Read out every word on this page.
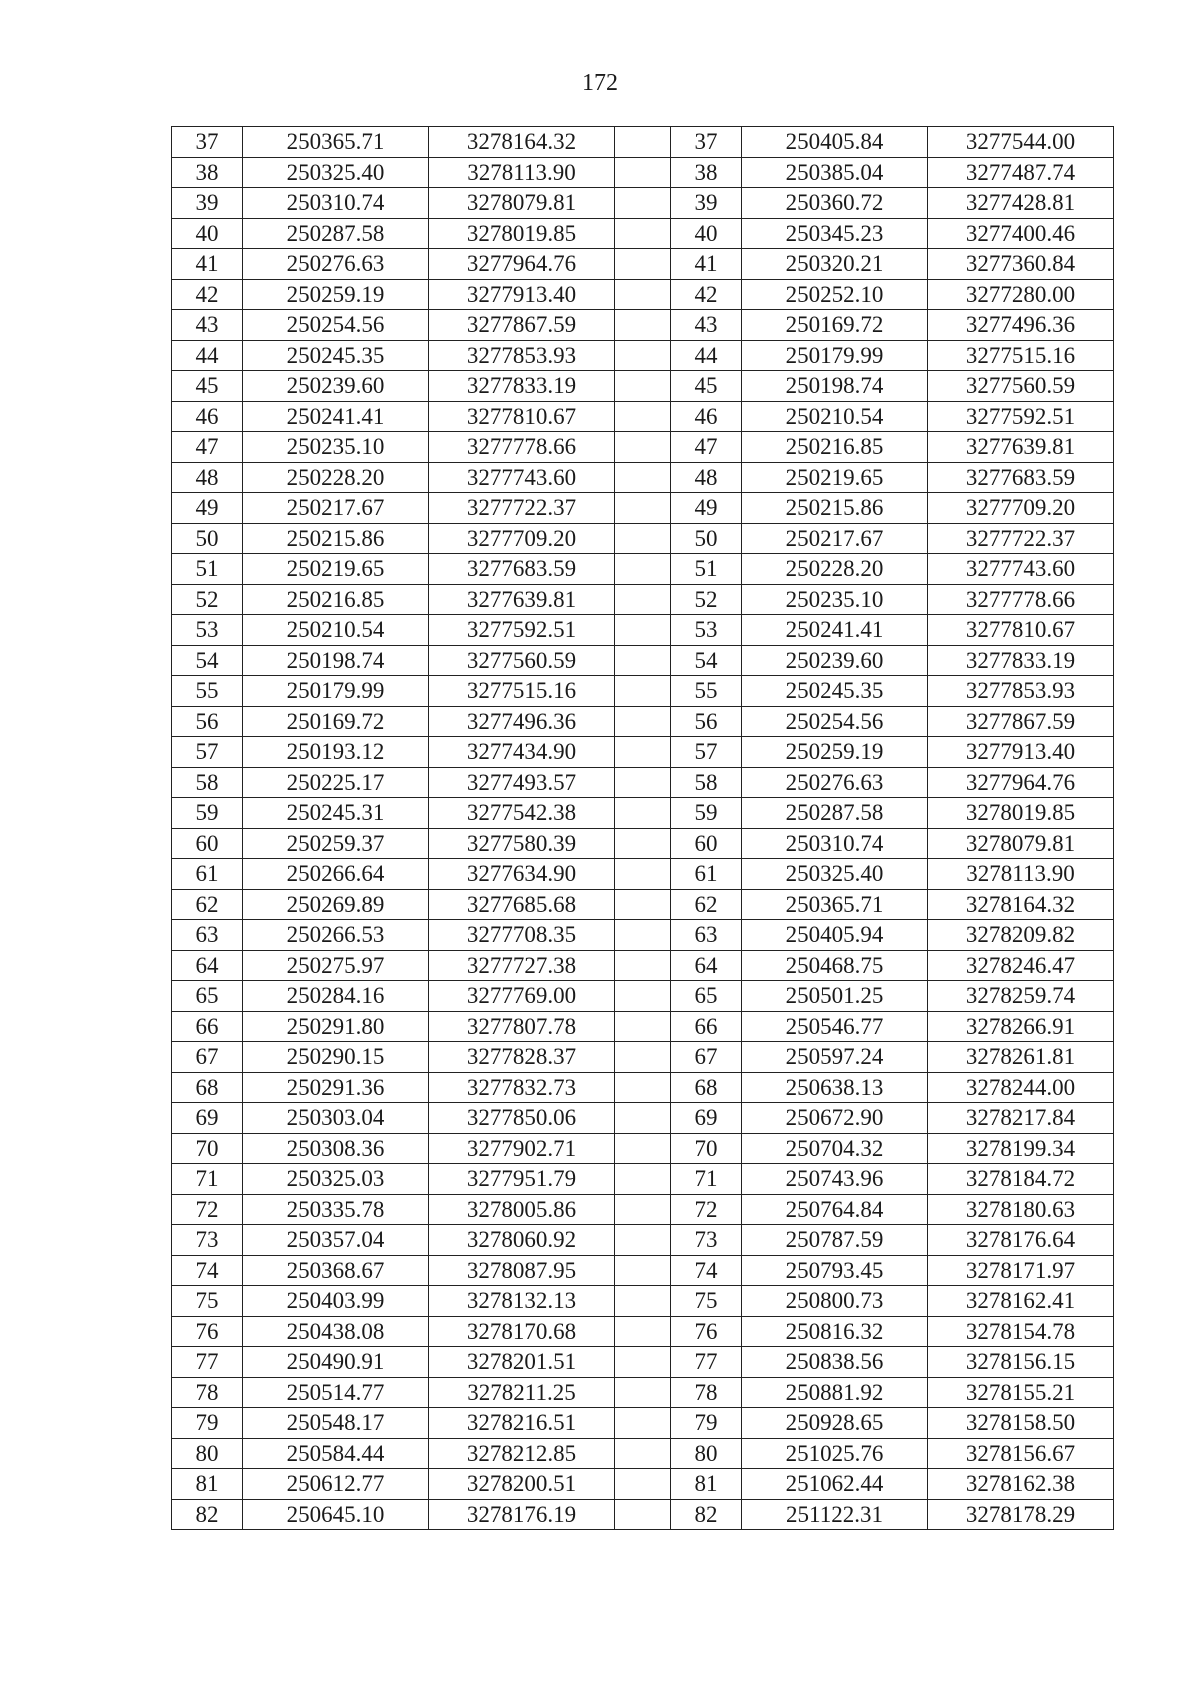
172
37	250365.71	3278164.32		37	250405.84	3277544.00
38	250325.40	3278113.90		38	250385.04	3277487.74
39	250310.74	3278079.81		39	250360.72	3277428.81
40	250287.58	3278019.85		40	250345.23	3277400.46
41	250276.63	3277964.76		41	250320.21	3277360.84
42	250259.19	3277913.40		42	250252.10	3277280.00
43	250254.56	3277867.59		43	250169.72	3277496.36
44	250245.35	3277853.93		44	250179.99	3277515.16
45	250239.60	3277833.19		45	250198.74	3277560.59
46	250241.41	3277810.67		46	250210.54	3277592.51
47	250235.10	3277778.66		47	250216.85	3277639.81
48	250228.20	3277743.60		48	250219.65	3277683.59
49	250217.67	3277722.37		49	250215.86	3277709.20
50	250215.86	3277709.20		50	250217.67	3277722.37
51	250219.65	3277683.59		51	250228.20	3277743.60
52	250216.85	3277639.81		52	250235.10	3277778.66
53	250210.54	3277592.51		53	250241.41	3277810.67
54	250198.74	3277560.59		54	250239.60	3277833.19
55	250179.99	3277515.16		55	250245.35	3277853.93
56	250169.72	3277496.36		56	250254.56	3277867.59
57	250193.12	3277434.90		57	250259.19	3277913.40
58	250225.17	3277493.57		58	250276.63	3277964.76
59	250245.31	3277542.38		59	250287.58	3278019.85
60	250259.37	3277580.39		60	250310.74	3278079.81
61	250266.64	3277634.90		61	250325.40	3278113.90
62	250269.89	3277685.68		62	250365.71	3278164.32
63	250266.53	3277708.35		63	250405.94	3278209.82
64	250275.97	3277727.38		64	250468.75	3278246.47
65	250284.16	3277769.00		65	250501.25	3278259.74
66	250291.80	3277807.78		66	250546.77	3278266.91
67	250290.15	3277828.37		67	250597.24	3278261.81
68	250291.36	3277832.73		68	250638.13	3278244.00
69	250303.04	3277850.06		69	250672.90	3278217.84
70	250308.36	3277902.71		70	250704.32	3278199.34
71	250325.03	3277951.79		71	250743.96	3278184.72
72	250335.78	3278005.86		72	250764.84	3278180.63
73	250357.04	3278060.92		73	250787.59	3278176.64
74	250368.67	3278087.95		74	250793.45	3278171.97
75	250403.99	3278132.13		75	250800.73	3278162.41
76	250438.08	3278170.68		76	250816.32	3278154.78
77	250490.91	3278201.51		77	250838.56	3278156.15
78	250514.77	3278211.25		78	250881.92	3278155.21
79	250548.17	3278216.51		79	250928.65	3278158.50
80	250584.44	3278212.85		80	251025.76	3278156.67
81	250612.77	3278200.51		81	251062.44	3278162.38
82	250645.10	3278176.19		82	251122.31	3278178.29
